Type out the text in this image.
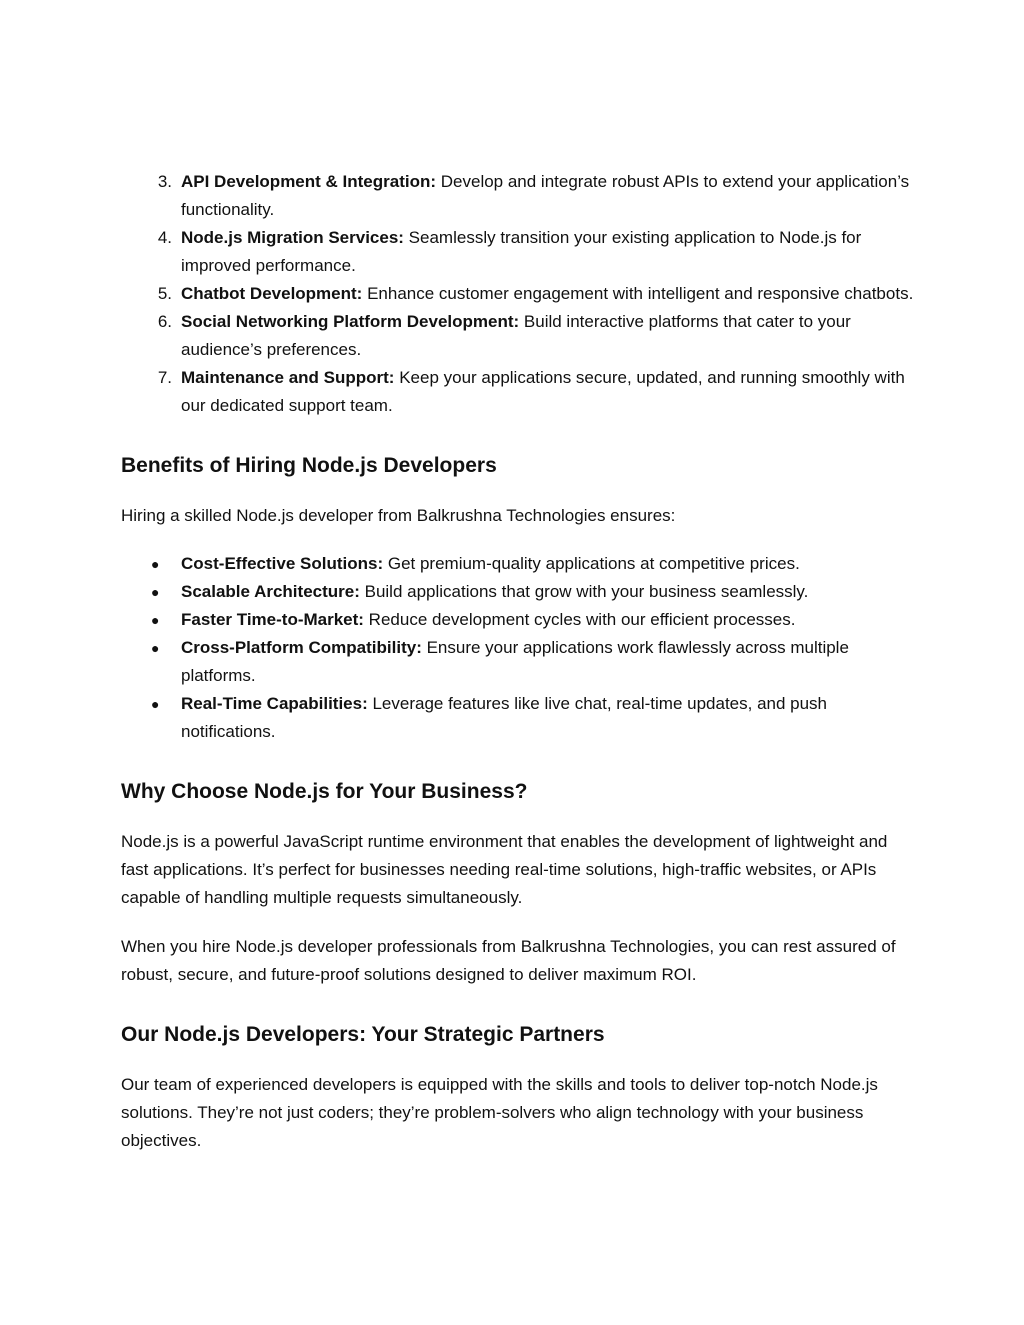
3. API Development & Integration: Develop and integrate robust APIs to extend your application’s functionality.
4. Node.js Migration Services: Seamlessly transition your existing application to Node.js for improved performance.
5. Chatbot Development: Enhance customer engagement with intelligent and responsive chatbots.
6. Social Networking Platform Development: Build interactive platforms that cater to your audience’s preferences.
7. Maintenance and Support: Keep your applications secure, updated, and running smoothly with our dedicated support team.
Benefits of Hiring Node.js Developers

Hiring a skilled Node.js developer from Balkrushna Technologies ensures:

●	Cost-Effective Solutions: Get premium-quality applications at competitive prices.
●	Scalable Architecture: Build applications that grow with your business seamlessly.
●	Faster Time-to-Market: Reduce development cycles with our efficient processes.
●	Cross-Platform Compatibility: Ensure your applications work flawlessly across multiple platforms.
●	Real-Time Capabilities: Leverage features like live chat, real-time updates, and push notifications.
Why Choose Node.js for Your Business?

Node.js is a powerful JavaScript runtime environment that enables the development of lightweight and fast applications. It’s perfect for businesses needing real-time solutions, high-traffic websites, or APIs capable of handling multiple requests simultaneously.

When you hire Node.js developer professionals from Balkrushna Technologies, you can rest assured of robust, secure, and future-proof solutions designed to deliver maximum ROI.

Our Node.js Developers: Your Strategic Partners

Our team of experienced developers is equipped with the skills and tools to deliver top-notch Node.js solutions. They’re not just coders; they’re problem-solvers who align technology with your business objectives.
